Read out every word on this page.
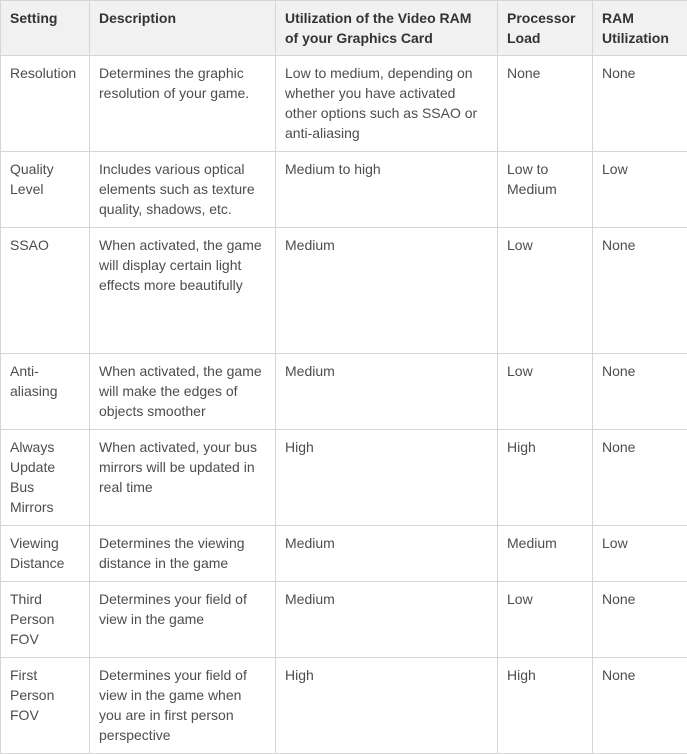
Setting	Description	Utilization of the Video RAM of your Graphics Card	Processor Load	RAM Utilization
Resolution	Determines the graphic resolution of your game.	Low to medium, depending on whether you have activated other options such as SSAO or anti-aliasing	None	None
Quality Level	Includes various optical elements such as texture quality, shadows, etc.	Medium to high	Low to Medium	Low
SSAO	When activated, the game will display certain light effects more beautifully	Medium	Low	None
Anti-aliasing	When activated, the game will make the edges of objects smoother	Medium	Low	None
Always Update Bus Mirrors	When activated, your bus mirrors will be updated in real time	High	High	None
Viewing Distance	Determines the viewing distance in the game	Medium	Medium	Low
Third Person FOV	Determines your field of view in the game	Medium	Low	None
First Person FOV	Determines your field of view in the game when you are in first person perspective	High	High	None
